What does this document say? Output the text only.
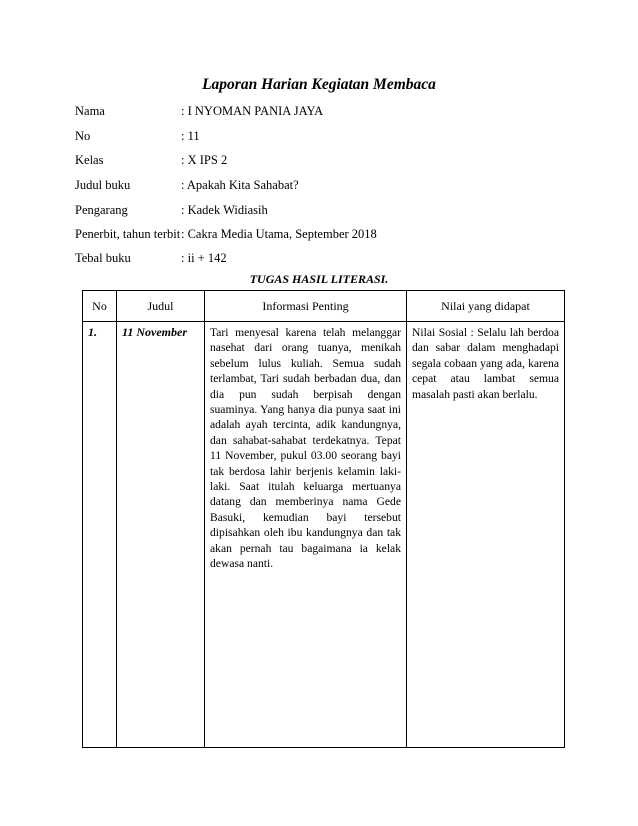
Laporan Harian Kegiatan Membaca
Nama	: I NYOMAN PANIA JAYA
No	: 11
Kelas	: X IPS 2
Judul buku	: Apakah Kita Sahabat?
Pengarang	: Kadek Widiasih
Penerbit, tahun terbit: Cakra Media Utama, September 2018
Tebal buku	: ii + 142
TUGAS HASIL LITERASI.
No	Judul	Informasi Penting	Nilai yang didapat
1.	11 November	Tari menyesal karena telah melanggar nasehat dari orang tuanya, menikah sebelum lulus kuliah. Semua sudah terlambat, Tari sudah berbadan dua, dan dia pun sudah berpisah dengan suaminya. Yang hanya dia punya saat ini adalah ayah tercinta, adik kandungnya, dan sahabat-sahabat terdekatnya. Tepat 11 November, pukul 03.00 seorang bayi tak berdosa lahir berjenis kelamin laki-laki. Saat itulah keluarga mertuanya datang dan memberinya nama Gede Basuki, kemudian bayi tersebut dipisahkan oleh ibu kandungnya dan tak akan pernah tau bagaimana ia kelak dewasa nanti.	Nilai Sosial : Selalu lah berdoa dan sabar dalam menghadapi segala cobaan yang ada, karena cepat atau lambat semua masalah pasti akan berlalu.
